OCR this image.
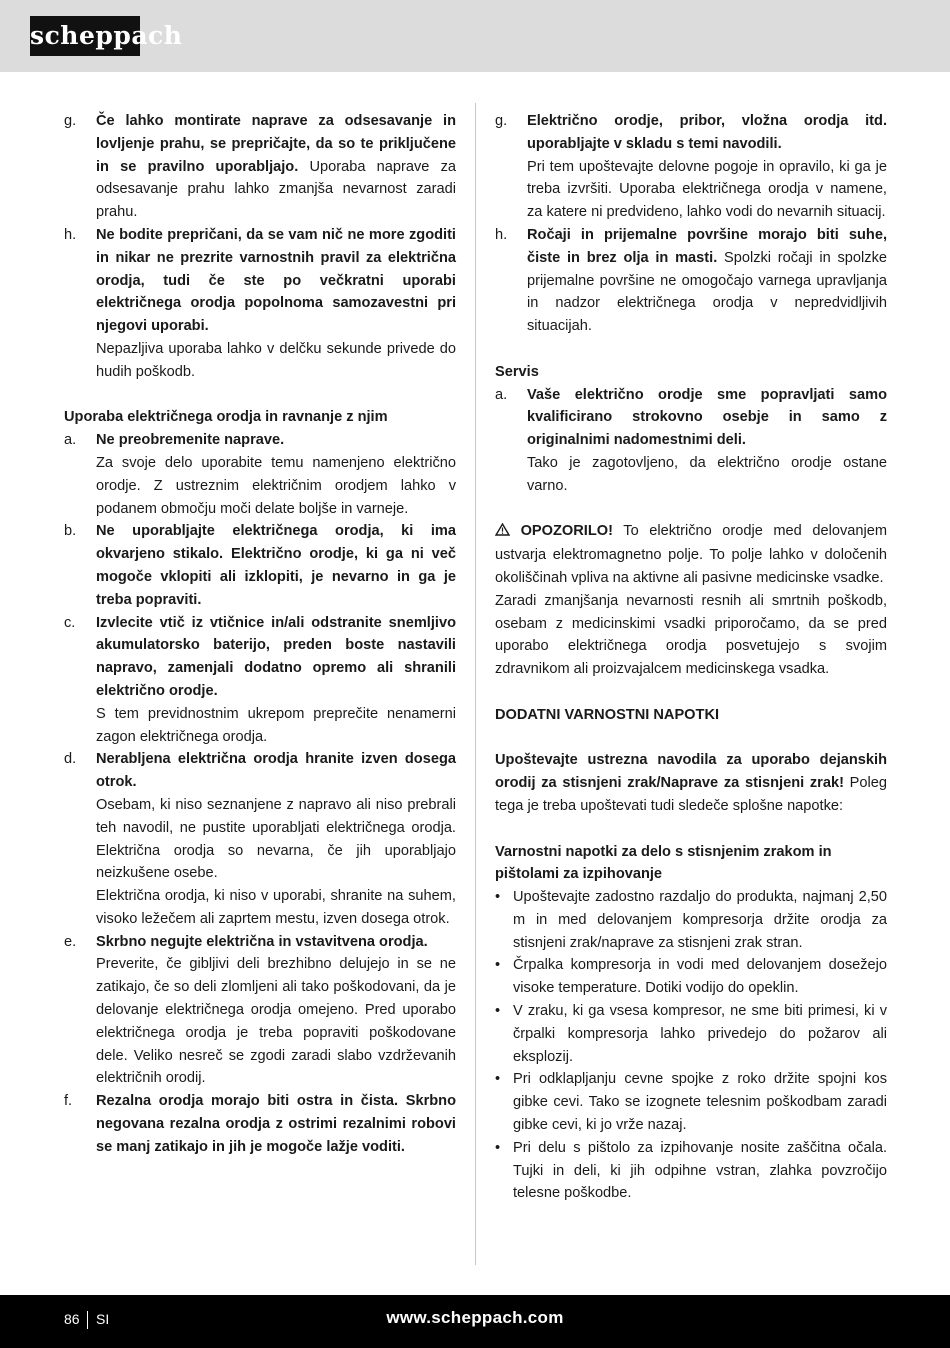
scheppach
g. Če lahko montirate naprave za odsesavanje in lovljenje prahu, se prepričajte, da so te priključene in se pravilno uporabljajo. Uporaba naprave za odsesavanje prahu lahko zmanjša nevarnost zaradi prahu.
h. Ne bodite prepričani, da se vam nič ne more zgoditi in nikar ne prezrite varnostnih pravil za električna orodja, tudi če ste po večkratni uporabi električnega orodja popolnoma samozavestni pri njegovi uporabi.
Nepazljiva uporaba lahko v delčku sekunde privede do hudih poškodb.
Uporaba električnega orodja in ravnanje z njim
a. Ne preobremenite naprave.
Za svoje delo uporabite temu namenjeno električno orodje. Z ustreznim električnim orodjem lahko v podanem območju moči delate boljše in varneje.
b. Ne uporabljajte električnega orodja, ki ima okvarjeno stikalo. Električno orodje, ki ga ni več mogoče vklopiti ali izklopiti, je nevarno in ga je treba popraviti.
c. Izvlecite vtič iz vtičnice in/ali odstranite snemljivo akumulatorsko baterijo, preden boste nastavili napravo, zamenjali dodatno opremo ali shranili električno orodje.
S tem previdnostnim ukrepom preprečite nenamerni zagon električnega orodja.
d. Nerabljena električna orodja hranite izven dosega otrok.
Osebam, ki niso seznanjene z napravo ali niso prebrali teh navodil, ne pustite uporabljati električnega orodja. Električna orodja so nevarna, če jih uporabljajo neizkušene osebe.
Električna orodja, ki niso v uporabi, shranite na suhem, visoko ležečem ali zaprtem mestu, izven dosega otrok.
e. Skrbno negujte električna in vstavitvena orodja.
Preverite, če gibljivi deli brezhibno delujejo in se ne zatikajo, če so deli zlomljeni ali tako poškodovani, da je delovanje električnega orodja omejeno. Pred uporabo električnega orodja je treba popraviti poškodovane dele. Veliko nesreč se zgodi zaradi slabo vzdrževanih električnih orodij.
f. Rezalna orodja morajo biti ostra in čista. Skrbno negovana rezalna orodja z ostrimi rezalnimi robovi se manj zatikajo in jih je mogoče lažje voditi.
g. Električno orodje, pribor, vložna orodja itd. uporabljajte v skladu s temi navodili.
Pri tem upoštevajte delovne pogoje in opravilo, ki ga je treba izvršiti. Uporaba električnega orodja v namene, za katere ni predvideno, lahko vodi do nevarnih situacij.
h. Ročaji in prijemalne površine morajo biti suhe, čiste in brez olja in masti. Spolzki ročaji in spolzke prijemalne površine ne omogočajo varnega upravljanja in nadzor električnega orodja v nepredvidljivih situacijah.
Servis
a. Vaše električno orodje sme popravljati samo kvalificirano strokovno osebje in samo z originalnimi nadomestnimi deli.
Tako je zagotovljeno, da električno orodje ostane varno.
OPOZORILO! To električno orodje med delovanjem ustvarja elektromagnetno polje. To polje lahko v določenih okoliščinah vpliva na aktivne ali pasivne medicinske vsadke.
Zaradi zmanjšanja nevarnosti resnih ali smrtnih poškodb, osebam z medicinskimi vsadki priporočamo, da se pred uporabo električnega orodja posvetujejo s svojim zdravnikom ali proizvajalcem medicinskega vsadka.
DODATNI VARNOSTNI NAPOTKI
Upoštevajte ustrezna navodila za uporabo dejanskih orodij za stisnjeni zrak/Naprave za stisnjeni zrak! Poleg tega je treba upoštevati tudi sledeče splošne napotke:
Varnostni napotki za delo s stisnjenim zrakom in pištolami za izpihovanje
• Upoštevajte zadostno razdaljo do produkta, najmanj 2,50 m in med delovanjem kompresorja držite orodja za stisnjeni zrak/naprave za stisnjeni zrak stran.
• Črpalka kompresorja in vodi med delovanjem dosežejo visoke temperature. Dotiki vodijo do opeklin.
• V zraku, ki ga vsesa kompresor, ne sme biti primesi, ki v črpalki kompresorja lahko privedejo do požarov ali eksplozij.
• Pri odklapljanju cevne spojke z roko držite spojni kos gibke cevi. Tako se izognete telesnim poškodbam zaradi gibke cevi, ki jo vrže nazaj.
• Pri delu s pištolo za izpihovanje nosite zaščitna očala. Tujki in deli, ki jih odpihne vstran, zlahka povzročijo telesne poškodbe.
86 SI	www.scheppach.com
